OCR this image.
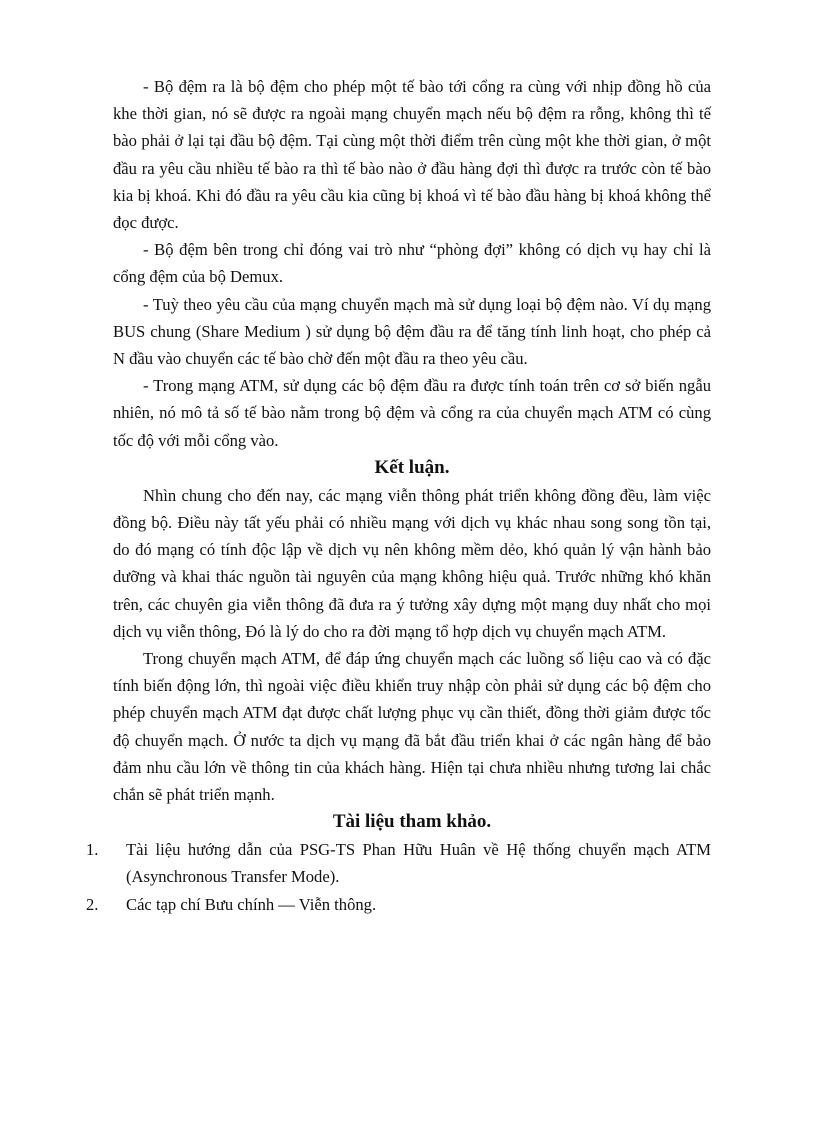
- Bộ đệm ra là bộ đệm cho phép một tế bào tới cổng ra cùng với nhịp đồng hồ của khe thời gian, nó sẽ được ra ngoài mạng chuyển mạch nếu bộ đệm ra rỗng, không thì tế bào phải ở lại tại đầu bộ đệm. Tại cùng một thời điểm trên cùng một khe thời gian, ở một đầu ra yêu cầu nhiều tế bào ra thì tế bào nào ở đầu hàng đợi thì được ra trước còn tế bào kia bị khoá. Khi đó đầu ra yêu cầu kia cũng bị khoá vì tế bào đầu hàng bị khoá không thể đọc được.

- Bộ đệm bên trong chỉ đóng vai trò như “phòng đợi” không có dịch vụ hay chỉ là cổng đệm của bộ Demux.

- Tuỳ theo yêu cầu của mạng chuyển mạch mà sử dụng loại bộ đệm nào. Ví dụ mạng BUS chung (Share Medium ) sử dụng bộ đệm đầu ra để tăng tính linh hoạt, cho phép cả N đầu vào chuyển các tế bào chờ đến một đầu ra theo yêu cầu.

- Trong mạng ATM, sử dụng các bộ đệm đầu ra được tính toán trên cơ sở biến ngẫu nhiên, nó mô tả số tế bào nằm trong bộ đệm và cổng ra của chuyển mạch ATM có cùng tốc độ với mỗi cổng vào.

Kết luận.

Nhìn chung cho đến nay, các mạng viễn thông phát triển không đồng đều, làm việc đồng bộ. Điều này tất yếu phải có nhiều mạng với dịch vụ khác nhau song song tồn tại, do đó mạng có tính độc lập về dịch vụ nên không mềm dẻo, khó quản lý vận hành bảo dưỡng và khai thác nguồn tài nguyên của mạng không hiệu quả. Trước những khó khăn trên, các chuyên gia viễn thông đã đưa ra ý tưởng xây dựng một mạng duy nhất cho mọi dịch vụ viễn thông, Đó là lý do cho ra đời mạng tổ hợp dịch vụ chuyển mạch ATM.

Trong chuyển mạch ATM, để đáp ứng chuyển mạch các luồng số liệu cao và có đặc tính biến động lớn, thì ngoài việc điều khiển truy nhập còn phải sử dụng các bộ đệm cho phép chuyển mạch ATM đạt được chất lượng phục vụ cần thiết, đồng thời giảm được tốc độ chuyển mạch. Ở nước ta dịch vụ mạng đã bắt đầu triển khai ở các ngân hàng để bảo đảm nhu cầu lớn về thông tin của khách hàng. Hiện tại chưa nhiều nhưng tương lai chắc chắn sẽ phát triển mạnh.

Tài liệu tham khảo.
1.	Tài liệu hướng dẫn của PSG-TS Phan Hữu Huân về Hệ thống chuyển mạch ATM (Asynchronous Transfer Mode).
2.	Các tạp chí Bưu chính — Viễn thông.
